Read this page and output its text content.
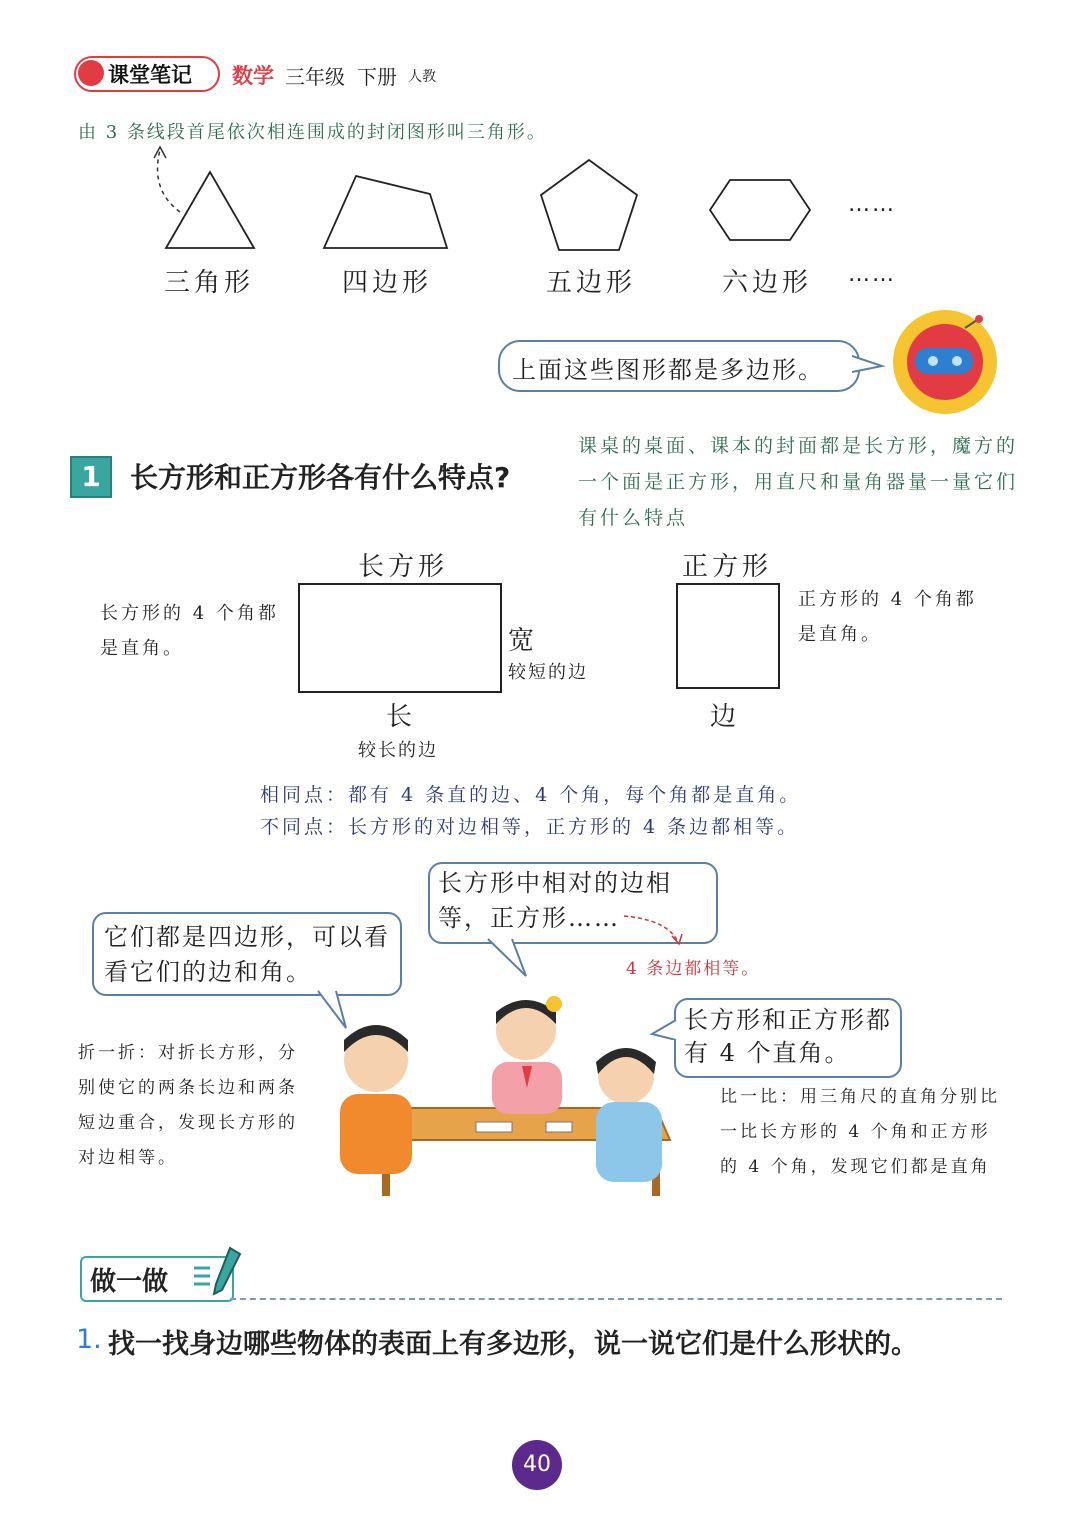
课堂笔记 数学 三年级 下册 人教
由 3 条线段首尾依次相连围成的封闭图形叫三角形。
……
三角形	四边形	五边形	六边形 ……
上面这些图形都是多边形。
1	长方形和正方形各有什么特点?
课桌的桌面、课本的封面都是长方形，魔方的一个面是正方形，用直尺和量角器量一量它们有什么特点
长方形
长方形的 4 个角都是直角。	宽
较短的边
长
较长的边
正方形
正方形的 4 个角都是直角。
边
相同点：都有 4 条直的边、4 个角，每个角都是直角。
不同点：长方形的对边相等，正方形的 4 条边都相等。
它们都是四边形，可以看看它们的边和角。
长方形中相对的边相等，正方形……
4 条边都相等。
长方形和正方形都有 4 个直角。
折一折：对折长方形，分别使它的两条长边和两条短边重合，发现长方形的对边相等。
比一比：用三角尺的直角分别比一比长方形的 4 个角和正方形的 4 个角，发现它们都是直角
做一做
1. 找一找身边哪些物体的表面上有多边形，说一说它们是什么形状的。
40
